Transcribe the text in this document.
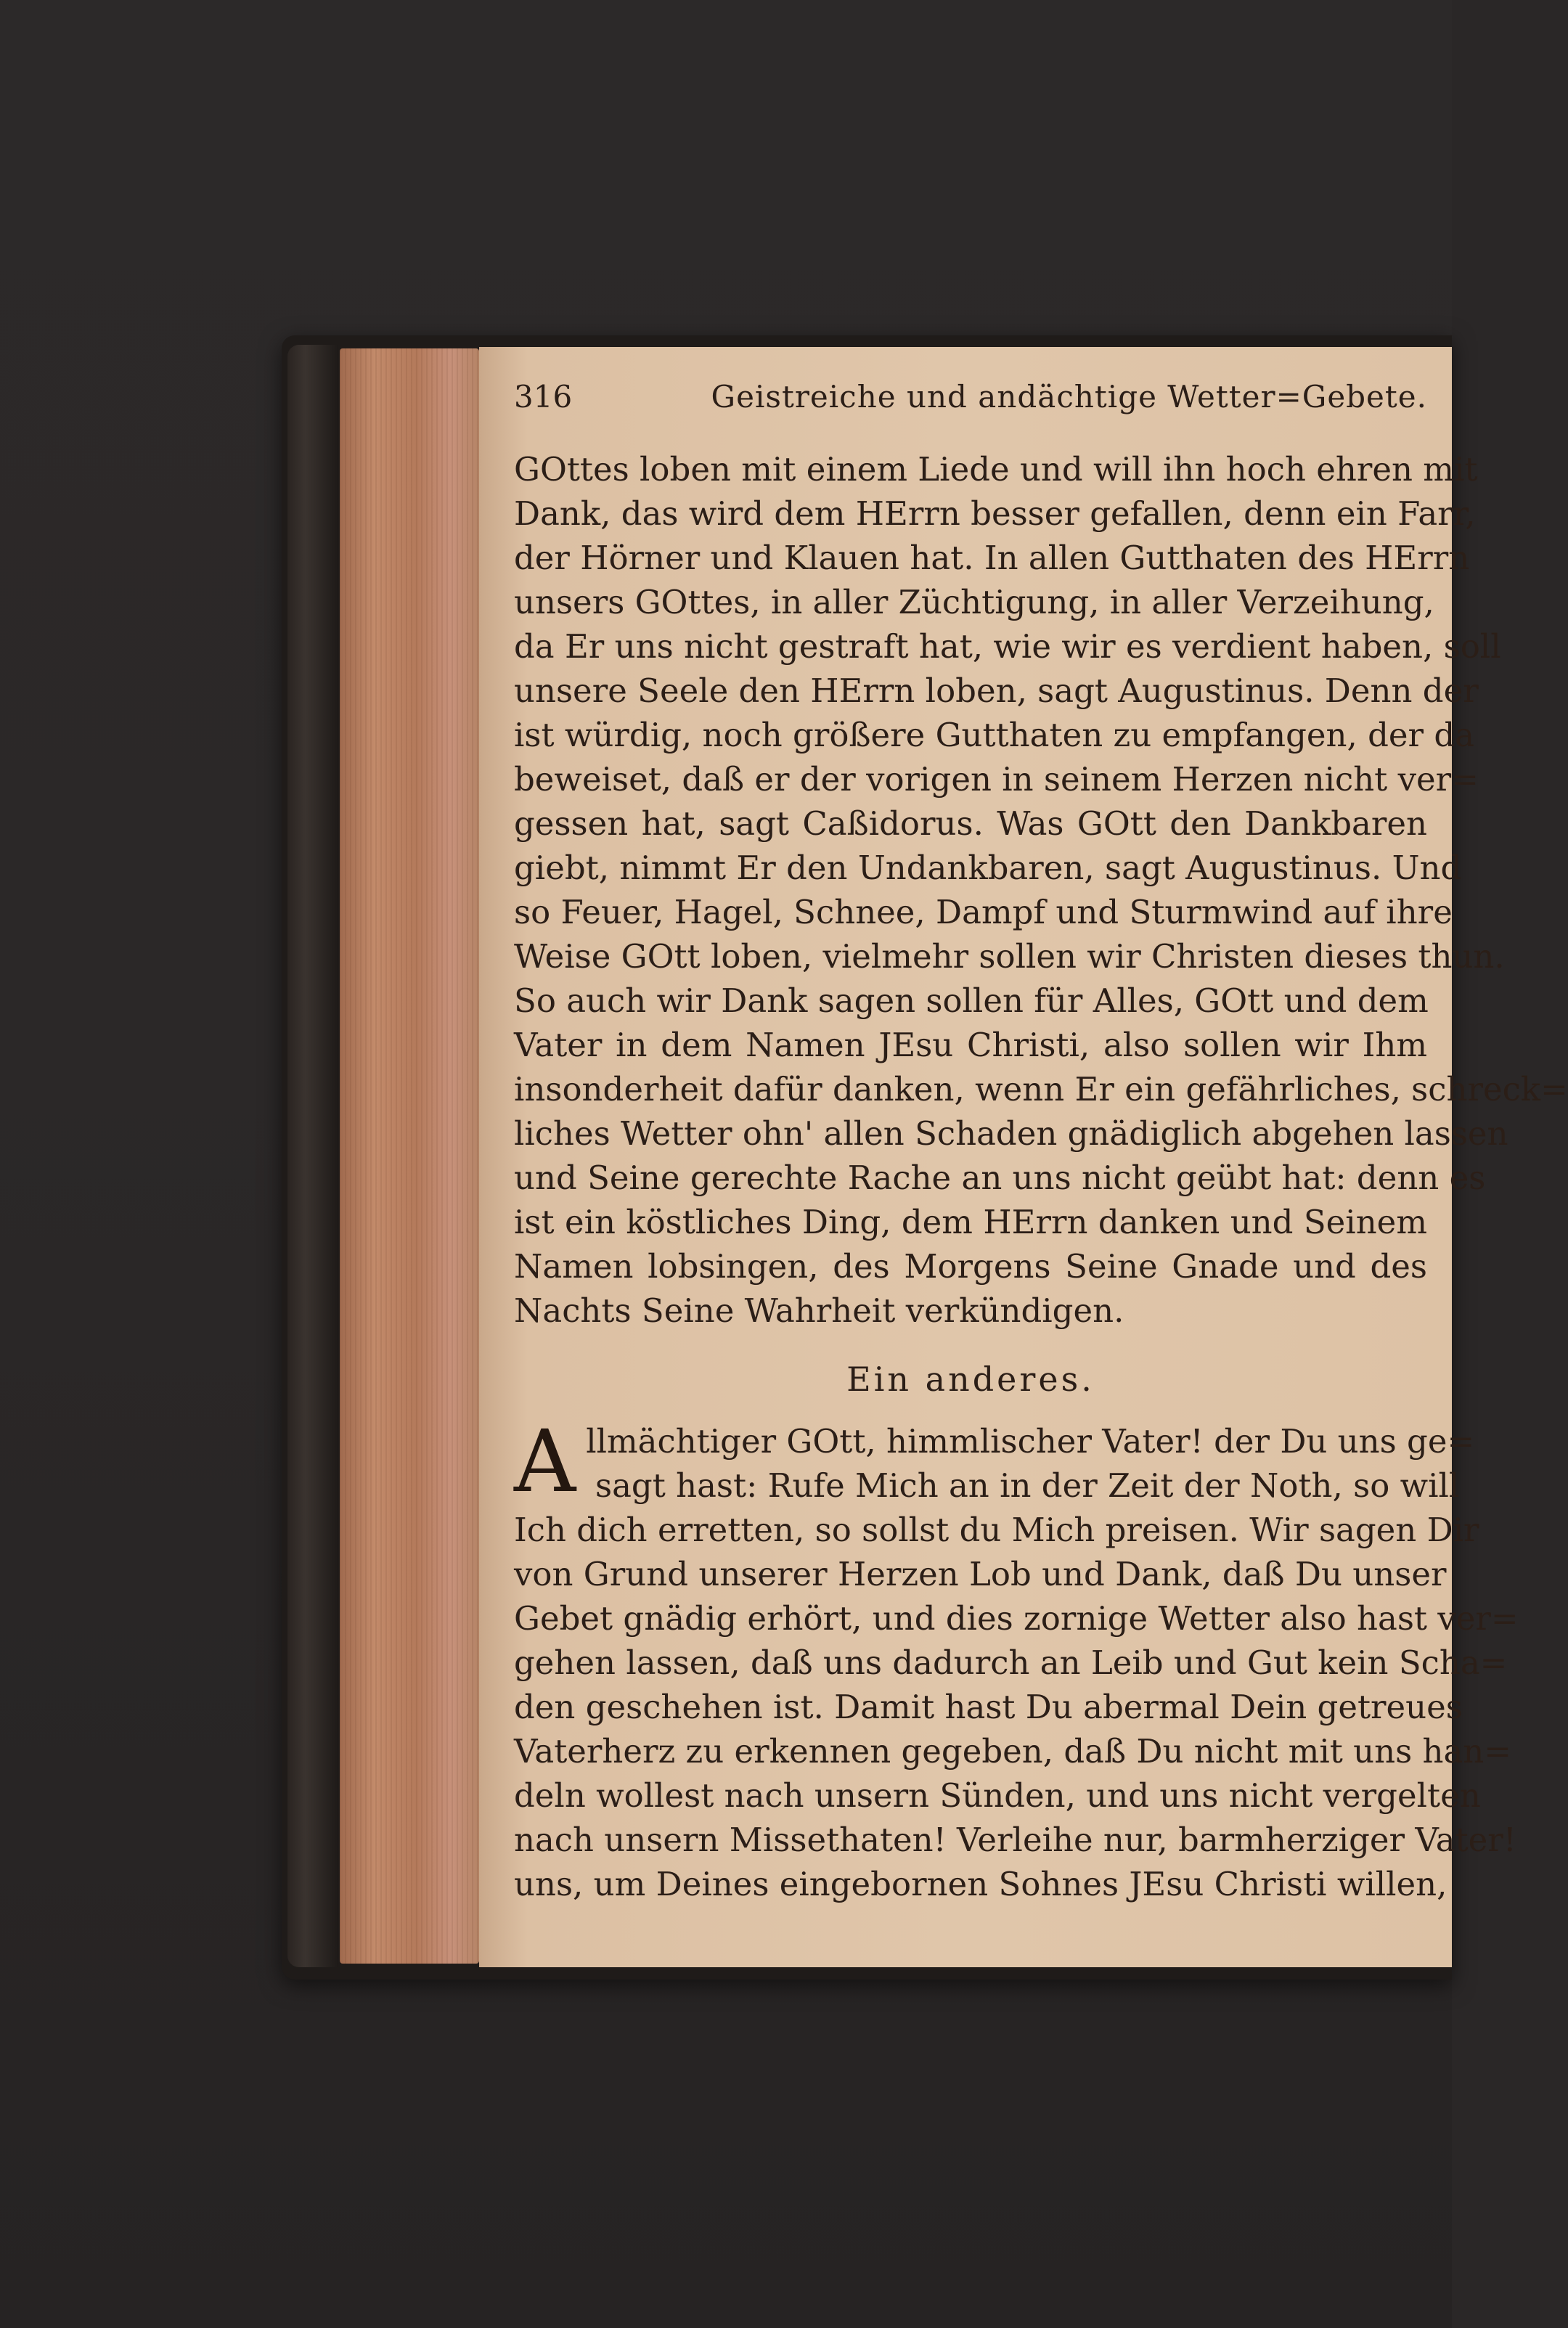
316	Geistreiche und andächtige Wetter=Gebete.
GOttes loben mit einem Liede und will ihn hoch ehren mit
Dank, das wird dem HErrn besser gefallen, denn ein Farr,
der Hörner und Klauen hat. In allen Gutthaten des HErrn
unsers GOttes, in aller Züchtigung, in aller Verzeihung,
da Er uns nicht gestraft hat, wie wir es verdient haben, soll
unsere Seele den HErrn loben, sagt Augustinus. Denn der
ist würdig, noch größere Gutthaten zu empfangen, der da
beweiset, daß er der vorigen in seinem Herzen nicht ver=
gessen hat, sagt Caßidorus. Was GOtt den Dankbaren
giebt, nimmt Er den Undankbaren, sagt Augustinus. Und
so Feuer, Hagel, Schnee, Dampf und Sturmwind auf ihre
Weise GOtt loben, vielmehr sollen wir Christen dieses thun.
So auch wir Dank sagen sollen für Alles, GOtt und dem
Vater in dem Namen JEsu Christi, also sollen wir Ihm
insonderheit dafür danken, wenn Er ein gefährliches, schreck=
liches Wetter ohn' allen Schaden gnädiglich abgehen lassen
und Seine gerechte Rache an uns nicht geübt hat: denn es
ist ein köstliches Ding, dem HErrn danken und Seinem
Namen lobsingen, des Morgens Seine Gnade und des
Nachts Seine Wahrheit verkündigen.
Ein anderes.
A llmächtiger GOtt, himmlischer Vater! der Du uns ge=
sagt hast: Rufe Mich an in der Zeit der Noth, so will
Ich dich erretten, so sollst du Mich preisen. Wir sagen Dir
von Grund unserer Herzen Lob und Dank, daß Du unser
Gebet gnädig erhört, und dies zornige Wetter also hast ver=
gehen lassen, daß uns dadurch an Leib und Gut kein Scha=
den geschehen ist. Damit hast Du abermal Dein getreues
Vaterherz zu erkennen gegeben, daß Du nicht mit uns han=
deln wollest nach unsern Sünden, und uns nicht vergelten
nach unsern Missethaten! Verleihe nur, barmherziger Vater!
uns, um Deines eingebornen Sohnes JEsu Christi willen,
